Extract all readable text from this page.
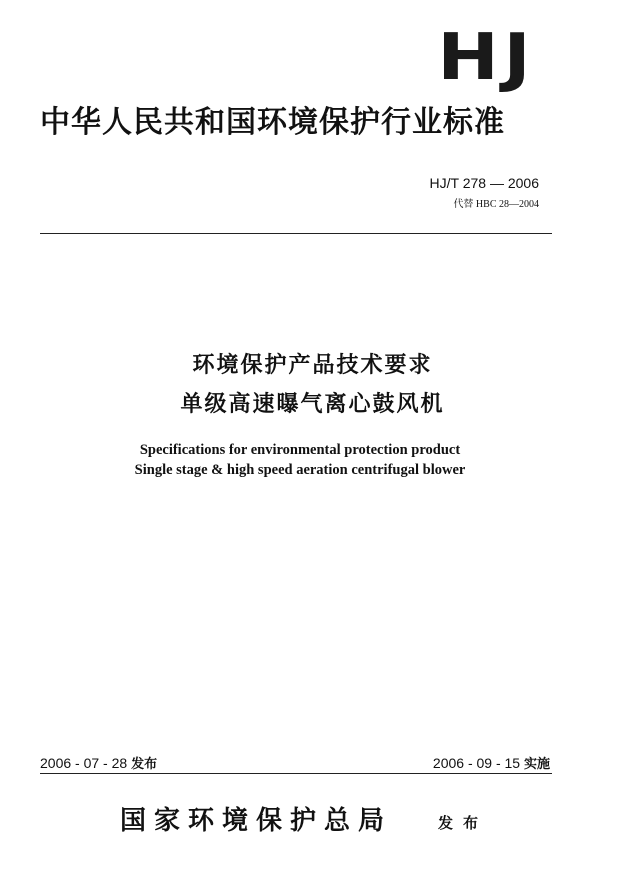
HJ
中华人民共和国环境保护行业标准
HJ/T 278 — 2006
代替 HBC 28—2004
环境保护产品技术要求
单级高速曝气离心鼓风机
Specifications for environmental protection product
Single stage & high speed aeration centrifugal blower
2006 - 07 - 28 发布	2006 - 09 - 15 实施
国家环境保护总局	发布
